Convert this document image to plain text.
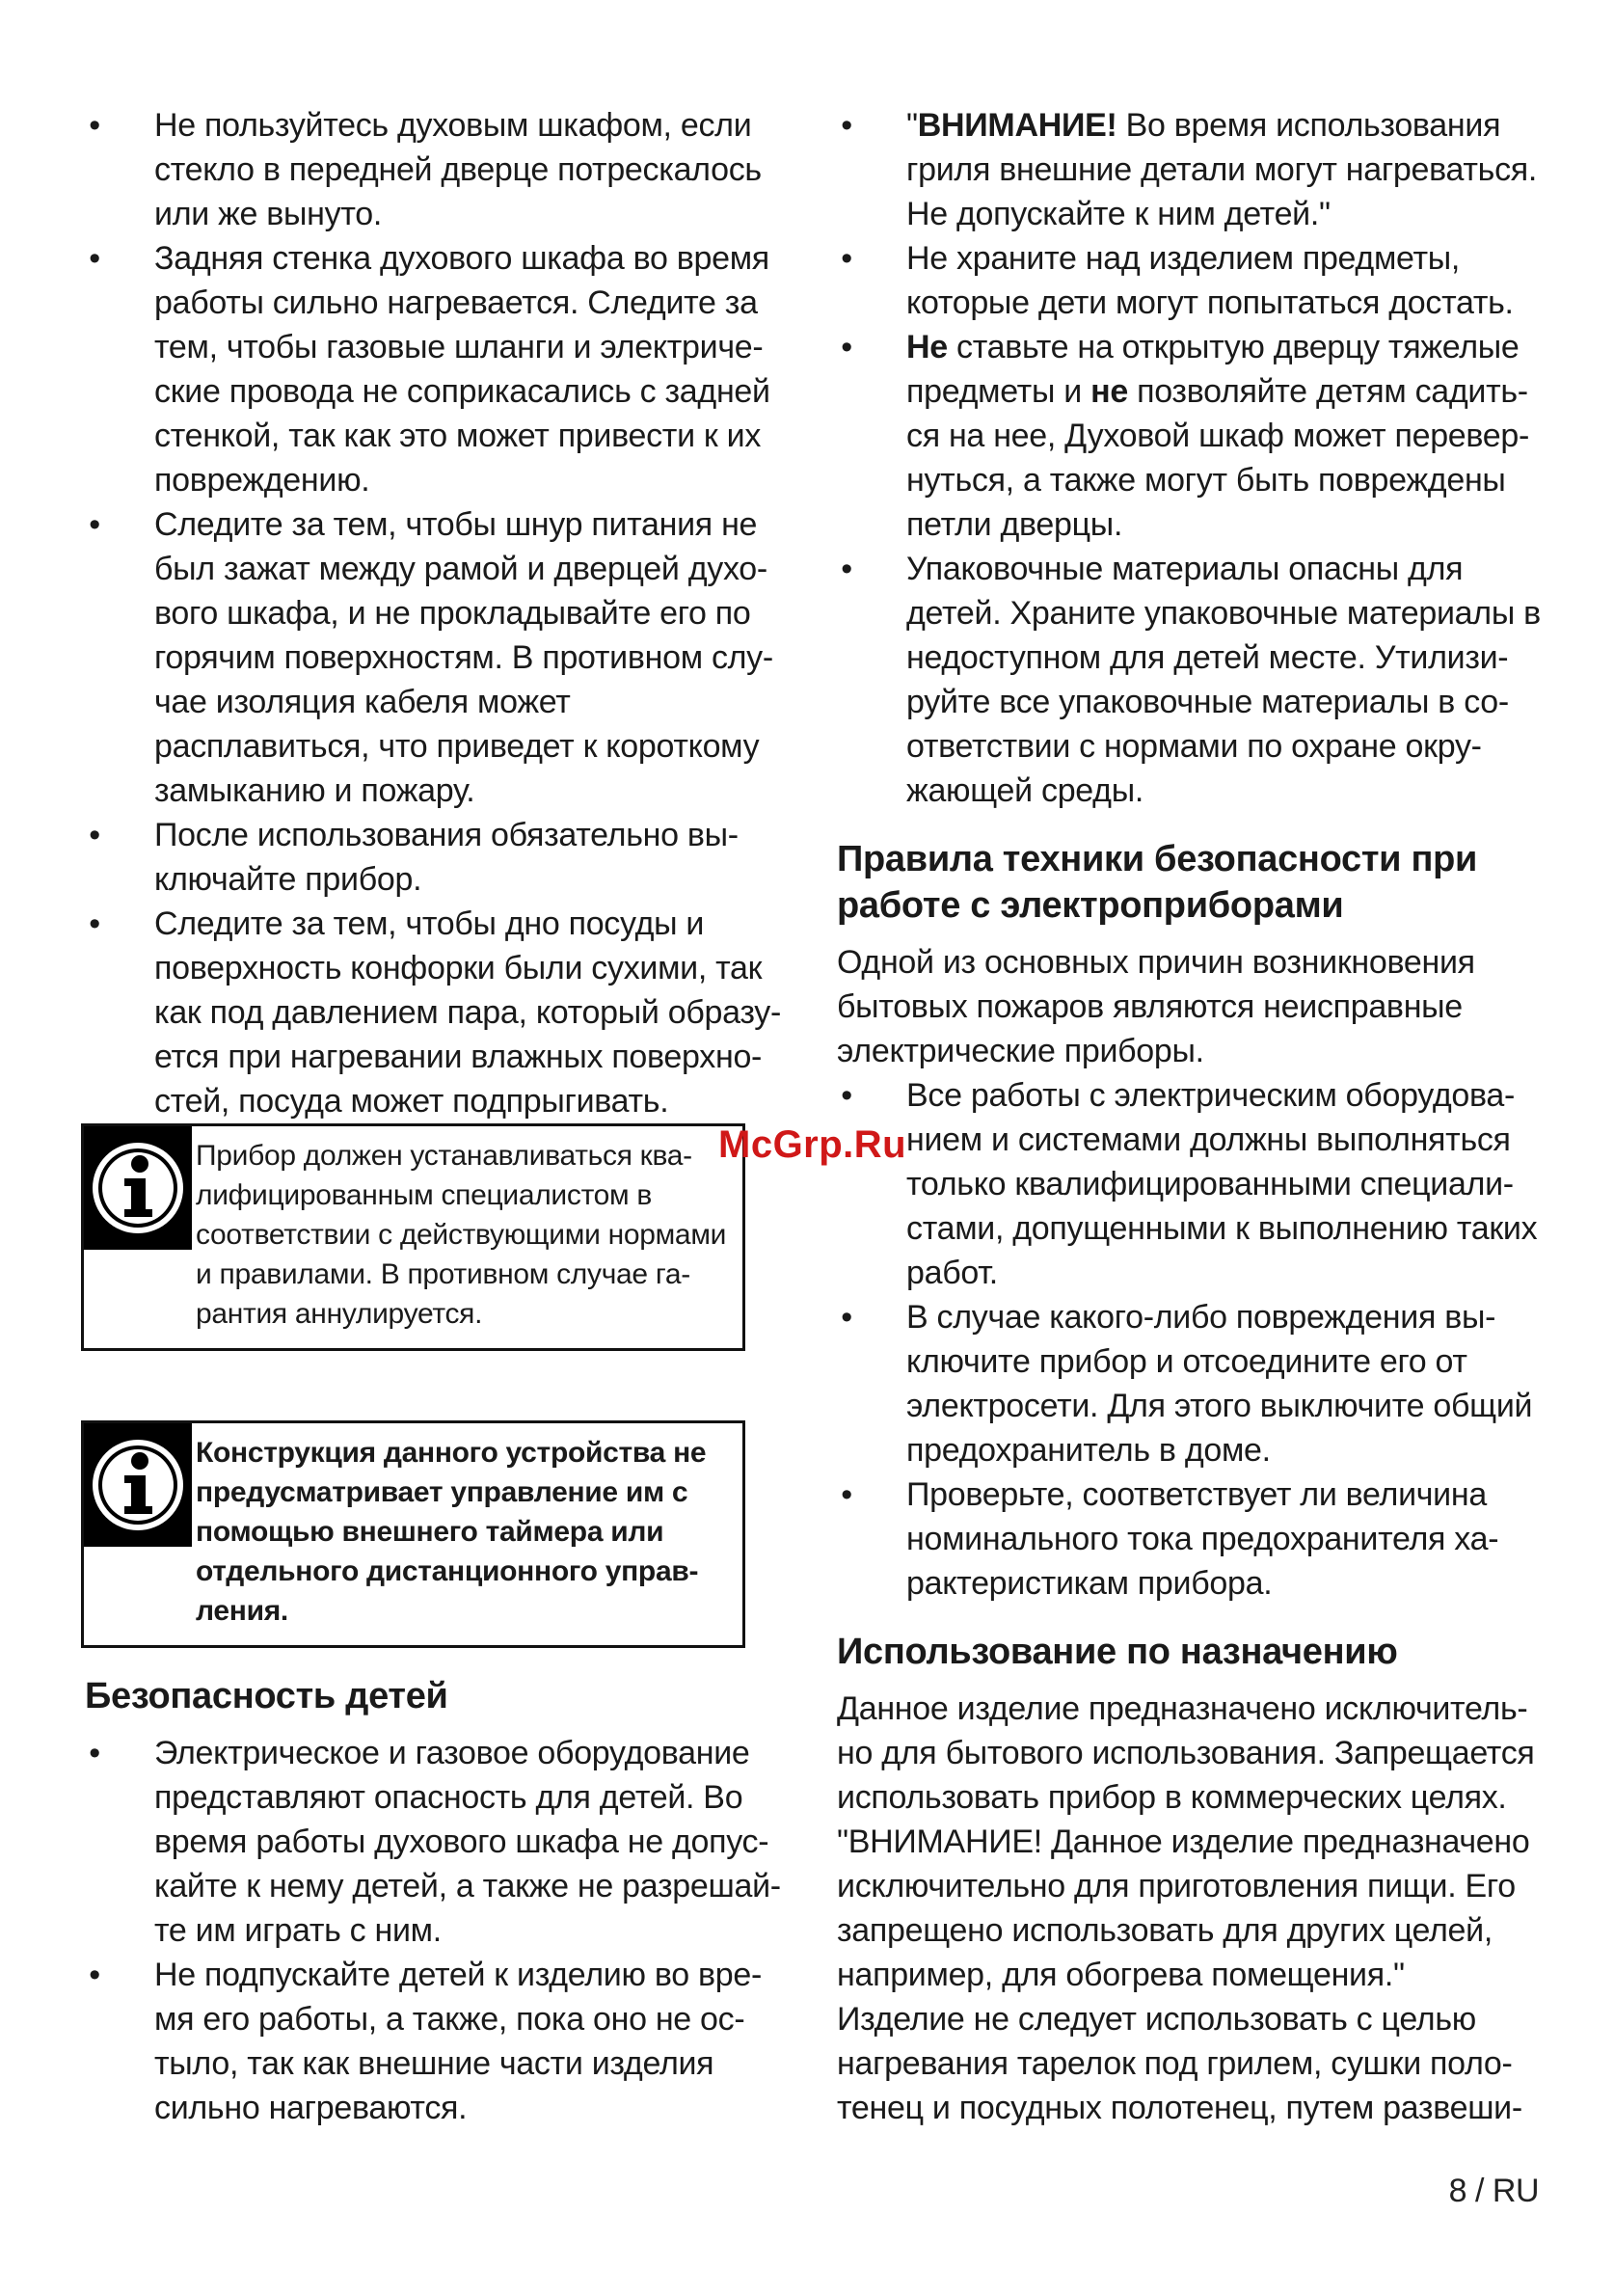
• Не пользуйтесь духовым шкафом, если стекло в передней дверце потрескалось или же вынуто.
• Задняя стенка духового шкафа во время работы сильно нагревается. Следите за тем, чтобы газовые шланги и электриче-ские провода не соприкасались с задней стенкой, так как это может привести к их повреждению.
• Следите за тем, чтобы шнур питания не был зажат между рамой и дверцей духо-вого шкафа, и не прокладывайте его по горячим поверхностям. В противном слу-чае изоляция кабеля может расплавиться, что приведет к короткому замыканию и пожару.
• После использования обязательно вы-ключайте прибор.
• Следите за тем, чтобы дно посуды и поверхность конфорки были сухими, так как под давлением пара, который образу-ется при нагревании влажных поверхно-стей, посуда может подпрыгивать.
Прибор должен устанавливаться ква-лифицированным специалистом в соответствии с действующими нормами и правилами. В противном случае га-рантия аннулируется.
Конструкция данного устройства не предусматривает управление им с помощью внешнего таймера или отдельного дистанционного управ-ления.
Безопасность детей
• Электрическое и газовое оборудование представляют опасность для детей. Во время работы духового шкафа не допус-кайте к нему детей, а также не разрешай-те им играть с ним.
• Не подпускайте детей к изделию во вре-мя его работы, а также, пока оно не ос-тыло, так как внешние части изделия сильно нагреваются.
• "ВНИМАНИЕ! Во время использования гриля внешние детали могут нагреваться. Не допускайте к ним детей."
• Не храните над изделием предметы, которые дети могут попытаться достать.
• Не ставьте на открытую дверцу тяжелые предметы и не позволяйте детям садить-ся на нее, Духовой шкаф может перевер-нуться, а также могут быть повреждены петли дверцы.
• Упаковочные материалы опасны для детей. Храните упаковочные материалы в недоступном для детей месте. Утилизи-руйте все упаковочные материалы в со-ответствии с нормами по охране окру-жающей среды.
Правила техники безопасности при работе с электроприборами

Одной из основных причин возникновения бытовых пожаров являются неисправные электрические приборы.

• Все работы с электрическим оборудова-нием и системами должны выполняться только квалифицированными специали-стами, допущенными к выполнению таких работ.
• В случае какого-либо повреждения вы-ключите прибор и отсоедините его от электросети. Для этого выключите общий предохранитель в доме.
• Проверьте, соответствует ли величина номинального тока предохранителя ха-рактеристикам прибора.
Использование по назначению

Данное изделие предназначено исключитель-но для бытового использования. Запрещается использовать прибор в коммерческих целях. "ВНИМАНИЕ! Данное изделие предназначено исключительно для приготовления пищи. Его запрещено использовать для других целей, например, для обогрева помещения." Изделие не следует использовать с целью нагревания тарелок под грилем, сушки поло-тенец и посудных полотенец, путем развеши-

McGrp.Ru
8 / RU
